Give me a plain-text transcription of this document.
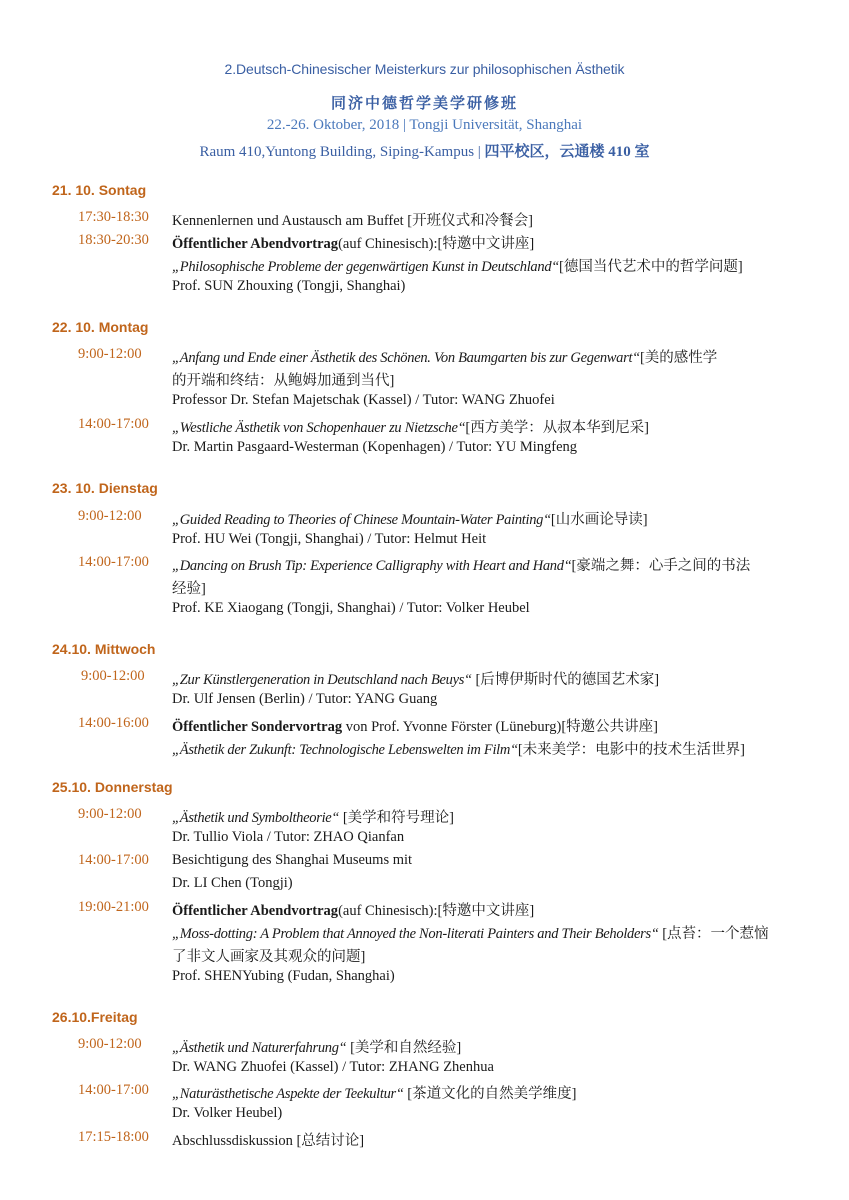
2.Deutsch-Chinesischer Meisterkurs zur philosophischen Ästhetik
同济中德哲学美学研修班
22.-26. Oktober, 2018 | Tongji Universität, Shanghai
Raum 410,Yuntong Building, Siping-Kampus | 四平校区，云通楼 410 室
21. 10. Sontag
17:30-18:30	Kennenlernen und Austausch am Buffet [开班仪式和冷餐会]
18:30-20:30	Öffentlicher Abendvortrag(auf Chinesisch):[特邀中文讲座]
„Philosophische Probleme der gegenwärtigen Kunst in Deutschland“[德国当代艺术中的哲学问题]
Prof. SUN Zhouxing (Tongji, Shanghai)
22. 10. Montag
9:00-12:00	„Anfang und Ende einer Ästhetik des Schönen. Von Baumgarten bis zur Gegenwart“[美的感性学
的开端和终结：从鲍姆加通到当代]
Professor Dr. Stefan Majetschak (Kassel) / Tutor: WANG Zhuofei
14:00-17:00	„Westliche Ästhetik von Schopenhauer zu Nietzsche“[西方美学：从叔本华到尼采]
Dr. Martin Pasgaard-Westerman (Kopenhagen) / Tutor: YU Mingfeng
23. 10. Dienstag
9:00-12:00	„Guided Reading to Theories of Chinese Mountain-Water Painting“[山水画论导读]
Prof. HU Wei (Tongji, Shanghai) / Tutor: Helmut Heit
14:00-17:00	„Dancing on Brush Tip: Experience Calligraphy with Heart and Hand“[豪端之舞：心手之间的书法
经验]
Prof. KE Xiaogang (Tongji, Shanghai) / Tutor: Volker Heubel
24.10. Mittwoch
9:00-12:00	„Zur Künstlergeneration in Deutschland nach Beuys“ [后博伊斯时代的德国艺术家]
Dr. Ulf Jensen (Berlin) / Tutor: YANG Guang
14:00-16:00	Öffentlicher Sondervortrag von Prof. Yvonne Förster (Lüneburg)[特邀公共讲座]
„Ästhetik der Zukunft: Technologische Lebenswelten im Film“[未来美学：电影中的技术生活世界]
25.10. Donnerstag
9:00-12:00	„Ästhetik und Symboltheorie“ [美学和符号理论]
Dr. Tullio Viola / Tutor: ZHAO Qianfan
14:00-17:00	Besichtigung des Shanghai Museums mit
Dr. LI Chen (Tongji)
19:00-21:00	Öffentlicher Abendvortrag(auf Chinesisch):[特邀中文讲座]
„Moss-dotting: A Problem that Annoyed the Non-literati Painters and Their Beholders“ [点苔：一个惹恼
了非文人画家及其观众的问题]
Prof. SHENYubing (Fudan, Shanghai)
26.10.Freitag
9:00-12:00	„Ästhetik und Naturerfahrung“ [美学和自然经验]
Dr. WANG Zhuofei (Kassel) / Tutor: ZHANG Zhenhua
14:00-17:00	„Naturästhetische Aspekte der Teekultur“ [茶道文化的自然美学维度]
Dr. Volker Heubel)
17:15-18:00	Abschlussdiskussion [总结讨论]
